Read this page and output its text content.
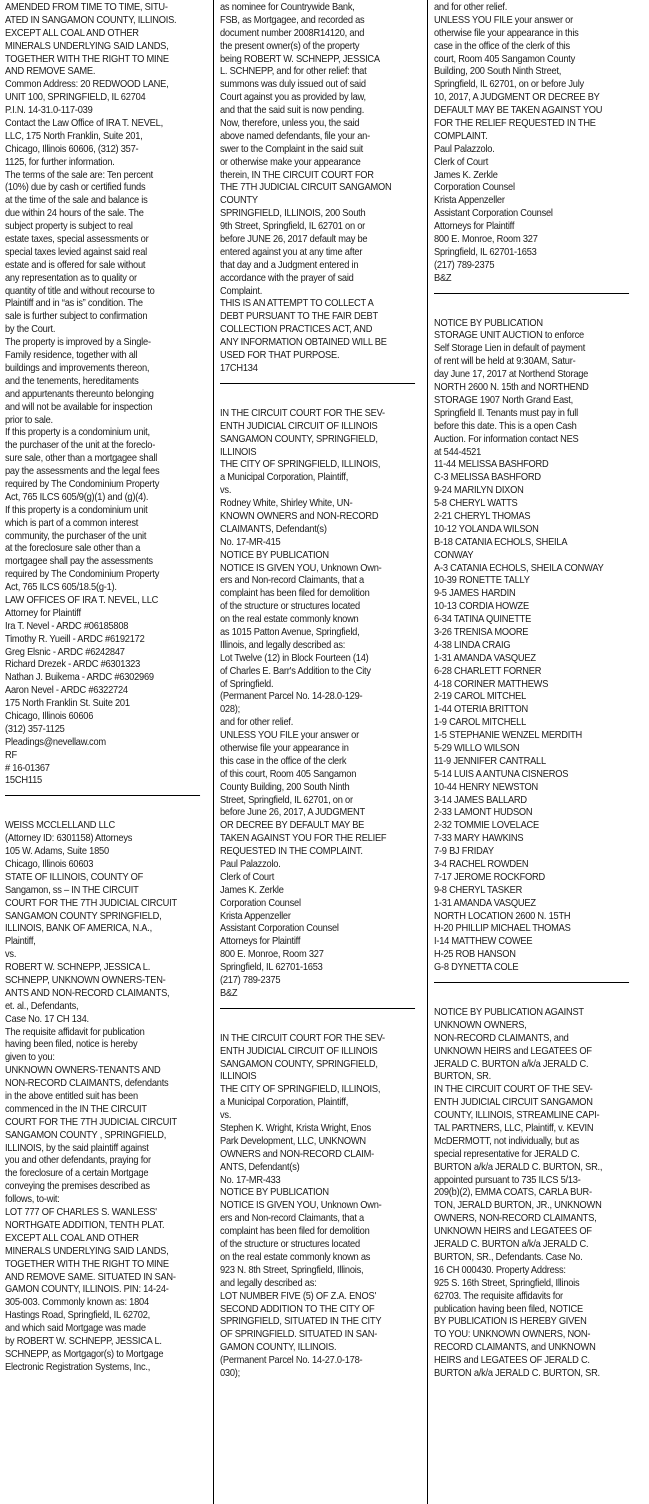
AMENDED FROM TIME TO TIME, SITU-
ATED IN SANGAMON COUNTY, ILLINOIS.
EXCEPT ALL COAL AND OTHER
MINERALS UNDERLYING SAID LANDS,
TOGETHER WITH THE RIGHT TO MINE
AND REMOVE SAME.
Common Address: 20 REDWOOD LANE,
UNIT 100, SPRINGFIELD, IL 62704
P.I.N. 14-31.0-117-039
Contact the Law Office of IRA T. NEVEL,
LLC, 175 North Franklin, Suite 201,
Chicago, Illinois 60606, (312) 357-
1125, for further information.
The terms of the sale are: Ten percent
(10%) due by cash or certified funds
at the time of the sale and balance is
due within 24 hours of the sale. The
subject property is subject to real
estate taxes, special assessments or
special taxes levied against said real
estate and is offered for sale without
any representation as to quality or
quantity of title and without recourse to
Plaintiff and in “as is” condition. The
sale is further subject to confirmation
by the Court.
The property is improved by a Single-
Family residence, together with all
buildings and improvements thereon,
and the tenements, hereditaments
and appurtenants thereunto belonging
and will not be available for inspection
prior to sale.
If this property is a condominium unit,
the purchaser of the unit at the foreclo-
sure sale, other than a mortgagee shall
pay the assessments and the legal fees
required by The Condominium Property
Act, 765 ILCS 605/9(g)(1) and (g)(4).
If this property is a condominium unit
which is part of a common interest
community, the purchaser of the unit
at the foreclosure sale other than a
mortgagee shall pay the assessments
required by The Condominium Property
Act, 765 ILCS 605/18.5(g-1).
LAW OFFICES OF IRA T. NEVEL, LLC
Attorney for Plaintiff
Ira T. Nevel - ARDC #06185808
Timothy R. Yueill - ARDC #6192172
Greg Elsnic - ARDC #6242847
Richard Drezek - ARDC #6301323
Nathan J. Buikema - ARDC #6302969
Aaron Nevel - ARDC #6322724
175 North Franklin St. Suite 201
Chicago, Illinois 60606
(312) 357-1125
Pleadings@nevellaw.com
RF
# 16-01367
15CH115
WEISS MCCLELLAND LLC
(Attorney ID: 6301158) Attorneys
105 W. Adams, Suite 1850
Chicago, Illinois 60603
STATE OF ILLINOIS, COUNTY OF
Sangamon, ss – IN THE CIRCUIT
COURT FOR THE 7TH JUDICIAL CIRCUIT
SANGAMON COUNTY SPRINGFIELD,
ILLINOIS, BANK OF AMERICA, N.A.,
Plaintiff,
vs.
ROBERT W. SCHNEPP, JESSICA L.
SCHNEPP, UNKNOWN OWNERS-TEN-
ANTS AND NON-RECORD CLAIMANTS,
et. al., Defendants,
Case No. 17 CH 134.
The requisite affidavit for publication
having been filed, notice is hereby
given to you:
UNKNOWN OWNERS-TENANTS AND
NON-RECORD CLAIMANTS, defendants
in the above entitled suit has been
commenced in the IN THE CIRCUIT
COURT FOR THE 7TH JUDICIAL CIRCUIT
SANGAMON COUNTY , SPRINGFIELD,
ILLINOIS, by the said plaintiff against
you and other defendants, praying for
the foreclosure of a certain Mortgage
conveying the premises described as
follows, to-wit:
LOT 777 OF CHARLES S. WANLESS'
NORTHGATE ADDITION, TENTH PLAT.
EXCEPT ALL COAL AND OTHER
MINERALS UNDERLYING SAID LANDS,
TOGETHER WITH THE RIGHT TO MINE
AND REMOVE SAME. SITUATED IN SAN-
GAMON COUNTY, ILLINOIS. PIN: 14-24-
305-003. Commonly known as: 1804
Hastings Road, Springfield, IL 62702,
and which said Mortgage was made
by ROBERT W. SCHNEPP, JESSICA L.
SCHNEPP, as Mortgagor(s) to Mortgage
Electronic Registration Systems, Inc.,
as nominee for Countrywide Bank,
FSB, as Mortgagee, and recorded as
document number 2008R14120, and
the present owner(s) of the property
being ROBERT W. SCHNEPP, JESSICA
L. SCHNEPP, and for other relief: that
summons was duly issued out of said
Court against you as provided by law,
and that the said suit is now pending.
Now, therefore, unless you, the said
above named defendants, file your an-
swer to the Complaint in the said suit
or otherwise make your appearance
therein, IN THE CIRCUIT COURT FOR
THE 7TH JUDICIAL CIRCUIT SANGAMON
COUNTY
SPRINGFIELD, ILLINOIS, 200 South
9th Street, Springfield, IL 62701 on or
before JUNE 26, 2017 default may be
entered against you at any time after
that day and a Judgment entered in
accordance with the prayer of said
Complaint.
THIS IS AN ATTEMPT TO COLLECT A
DEBT PURSUANT TO THE FAIR DEBT
COLLECTION PRACTICES ACT, AND
ANY INFORMATION OBTAINED WILL BE
USED FOR THAT PURPOSE.
17CH134
IN THE CIRCUIT COURT FOR THE SEV-
ENTH JUDICIAL CIRCUIT OF ILLINOIS
SANGAMON COUNTY, SPRINGFIELD,
ILLINOIS
THE CITY OF SPRINGFIELD, ILLINOIS,
a Municipal Corporation, Plaintiff,
vs.
Rodney White, Shirley White, UN-
KNOWN OWNERS and NON-RECORD
CLAIMANTS, Defendant(s)
No. 17-MR-415
NOTICE BY PUBLICATION
NOTICE IS GIVEN YOU, Unknown Own-
ers and Non-record Claimants, that a
complaint has been filed for demolition
of the structure or structures located
on the real estate commonly known
as 1015 Patton Avenue, Springfield,
Illinois, and legally described as:
Lot Twelve (12) in Block Fourteen (14)
of Charles E. Barr's Addition to the City
of Springfield.
(Permanent Parcel No. 14-28.0-129-
028);
and for other relief.
UNLESS YOU FILE your answer or
otherwise file your appearance in
this case in the office of the clerk
of this court, Room 405 Sangamon
County Building, 200 South Ninth
Street, Springfield, IL 62701, on or
before June 26, 2017, A JUDGMENT
OR DECREE BY DEFAULT MAY BE
TAKEN AGAINST YOU FOR THE RELIEF
REQUESTED IN THE COMPLAINT.
Paul Palazzolo.
Clerk of Court
James K. Zerkle
Corporation Counsel
Krista Appenzeller
Assistant Corporation Counsel
Attorneys for Plaintiff
800 E. Monroe, Room 327
Springfield, IL 62701-1653
(217) 789-2375
B&Z
IN THE CIRCUIT COURT FOR THE SEV-
ENTH JUDICIAL CIRCUIT OF ILLINOIS
SANGAMON COUNTY, SPRINGFIELD,
ILLINOIS
THE CITY OF SPRINGFIELD, ILLINOIS,
a Municipal Corporation, Plaintiff,
vs.
Stephen K. Wright, Krista Wright, Enos
Park Development, LLC, UNKNOWN
OWNERS and NON-RECORD CLAIM-
ANTS, Defendant(s)
No. 17-MR-433
NOTICE BY PUBLICATION
NOTICE IS GIVEN YOU, Unknown Own-
ers and Non-record Claimants, that a
complaint has been filed for demolition
of the structure or structures located
on the real estate commonly known as
923 N. 8th Street, Springfield, Illinois,
and legally described as:
LOT NUMBER FIVE (5) OF Z.A. ENOS'
SECOND ADDITION TO THE CITY OF
SPRINGFIELD, SITUATED IN THE CITY
OF SPRINGFIELD. SITUATED IN SAN-
GAMON COUNTY, ILLINOIS.
(Permanent Parcel No. 14-27.0-178-
030);
and for other relief.
UNLESS YOU FILE your answer or
otherwise file your appearance in this
case in the office of the clerk of this
court, Room 405 Sangamon County
Building, 200 South Ninth Street,
Springfield, IL 62701, on or before July
10, 2017, A JUDGMENT OR DECREE BY
DEFAULT MAY BE TAKEN AGAINST YOU
FOR THE RELIEF REQUESTED IN THE
COMPLAINT.
Paul Palazzolo.
Clerk of Court
James K. Zerkle
Corporation Counsel
Krista Appenzeller
Assistant Corporation Counsel
Attorneys for Plaintiff
800 E. Monroe, Room 327
Springfield, IL 62701-1653
(217) 789-2375
B&Z
NOTICE BY PUBLICATION
STORAGE UNIT AUCTION to enforce
Self Storage Lien in default of payment
of rent will be held at 9:30AM, Satur-
day June 17, 2017 at Northend Storage
NORTH 2600 N. 15th and NORTHEND
STORAGE 1907 North Grand East,
Springfield Il. Tenants must pay in full
before this date. This is a open Cash
Auction. For information contact NES
at 544-4521
11-44 MELISSA BASHFORD
C-3 MELISSA BASHFORD
9-24 MARILYN DIXON
5-8 CHERYL WATTS
2-21 CHERYL THOMAS
10-12 YOLANDA WILSON
B-18 CATANIA ECHOLS, SHEILA
CONWAY
A-3 CATANIA ECHOLS, SHEILA CONWAY
10-39 RONETTE TALLY
9-5 JAMES HARDIN
10-13 CORDIA HOWZE
6-34 TATINA QUINETTE
3-26 TRENISA MOORE
4-38 LINDA CRAIG
1-31 AMANDA VASQUEZ
6-28 CHARLETT FORNER
4-18 CORINER MATTHEWS
2-19 CAROL MITCHEL
1-44 OTERIA BRITTON
1-9 CAROL MITCHELL
1-5 STEPHANIE WENZEL MERDITH
5-29 WILLO WILSON
11-9 JENNIFER CANTRALL
5-14 LUIS A ANTUNA CISNEROS
10-44 HENRY NEWSTON
3-14 JAMES BALLARD
2-33 LAMONT HUDSON
2-32 TOMMIE LOVELACE
7-33 MARY HAWKINS
7-9 BJ FRIDAY
3-4 RACHEL ROWDEN
7-17 JEROME ROCKFORD
9-8 CHERYL TASKER
1-31 AMANDA VASQUEZ
NORTH LOCATION 2600 N. 15TH
H-20 PHILLIP MICHAEL THOMAS
I-14 MATTHEW COWEE
H-25 ROB HANSON
G-8 DYNETTA COLE
NOTICE BY PUBLICATION AGAINST
UNKNOWN OWNERS,
NON-RECORD CLAIMANTS, and
UNKNOWN HEIRS and LEGATEES OF
JERALD C. BURTON a/k/a JERALD C.
BURTON, SR.
IN THE CIRCUIT COURT OF THE SEV-
ENTH JUDICIAL CIRCUIT SANGAMON
COUNTY, ILLINOIS, STREAMLINE CAPI-
TAL PARTNERS, LLC, Plaintiff, v. KEVIN
McDERMOTT, not individually, but as
special representative for JERALD C.
BURTON a/k/a JERALD C. BURTON, SR.,
appointed pursuant to 735 ILCS 5/13-
209(b)(2), EMMA COATS, CARLA BUR-
TON, JERALD BURTON, JR., UNKNOWN
OWNERS, NON-RECORD CLAIMANTS,
UNKNOWN HEIRS and LEGATEES OF
JERALD C. BURTON a/k/a JERALD C.
BURTON, SR., Defendants. Case No.
16 CH 000430. Property Address:
925 S. 16th Street, Springfield, Illinois
62703. The requisite affidavits for
publication having been filed, NOTICE
BY PUBLICATION IS HEREBY GIVEN
TO YOU: UNKNOWN OWNERS, NON-
RECORD CLAIMANTS, and UNKNOWN
HEIRS and LEGATEES OF JERALD C.
BURTON a/k/a JERALD C. BURTON, SR.
